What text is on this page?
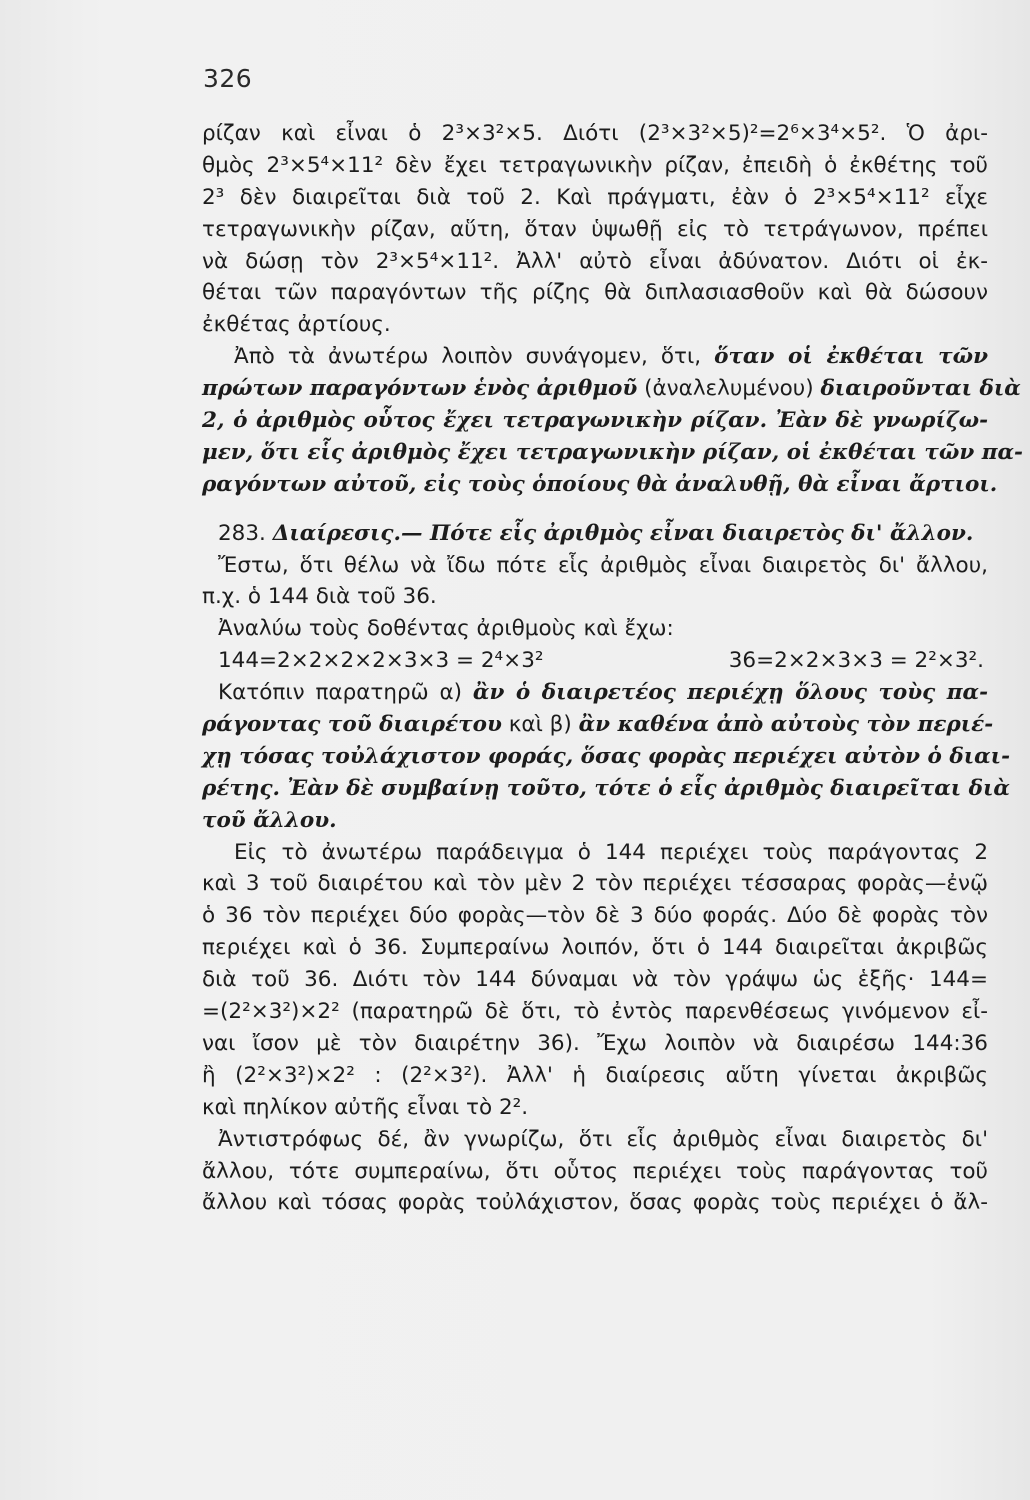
326
ρίζαν καὶ εἶναι ὁ 2³×3²×5. Διότι (2³×3²×5)²=2⁶×3⁴×5². Ὁ ἀρι-
θμὸς 2³×5⁴×11² δὲν ἔχει τετραγωνικὴν ρίζαν, ἐπειδὴ ὁ ἐκθέτης τοῦ
2³ δὲν διαιρεῖται διὰ τοῦ 2. Καὶ πράγματι, ἐὰν ὁ 2³×5⁴×11² εἶχε
τετραγωνικὴν ρίζαν, αὕτη, ὅταν ὑψωθῇ εἰς τὸ τετράγωνον, πρέπει
νὰ δώσῃ τὸν 2³×5⁴×11². Ἀλλ' αὐτὸ εἶναι ἀδύνατον. Διότι οἱ ἐκ-
θέται τῶν παραγόντων τῆς ρίζης θὰ διπλασιασθοῦν καὶ θὰ δώσουν
ἐκθέτας ἀρτίους.
Ἀπὸ τὰ ἀνωτέρω λοιπὸν συνάγομεν, ὅτι, ὅταν οἱ ἐκθέται τῶν
πρώτων παραγόντων ἑνὸς ἀριθμοῦ (ἀναλελυμένου) διαιροῦνται διὰ
2, ὁ ἀριθμὸς οὗτος ἔχει τετραγωνικὴν ρίζαν. Ἐὰν δὲ γνωρίζω-
μεν, ὅτι εἷς ἀριθμὸς ἔχει τετραγωνικὴν ρίζαν, οἱ ἐκθέται τῶν πα-
ραγόντων αὐτοῦ, εἰς τοὺς ὁποίους θὰ ἀναλυθῇ, θὰ εἶναι ἄρτιοι.
283. Διαίρεσις.— Πότε εἷς ἀριθμὸς εἶναι διαιρετὸς δι' ἄλλον.
Ἔστω, ὅτι θέλω νὰ ἴδω πότε εἷς ἀριθμὸς εἶναι διαιρετὸς δι' ἄλλου,
π.χ. ὁ 144 διὰ τοῦ 36.
Ἀναλύω τοὺς δοθέντας ἀριθμοὺς καὶ ἔχω:
144=2×2×2×2×3×3 = 2⁴×3²	36=2×2×3×3 = 2²×3².
Κατόπιν παρατηρῶ α) ἂν ὁ διαιρετέος περιέχῃ ὅλους τοὺς πα-
ράγοντας τοῦ διαιρέτου καὶ β) ἂν καθένα ἀπὸ αὐτοὺς τὸν περιέ-
χῃ τόσας τοὐλάχιστον φοράς, ὅσας φορὰς περιέχει αὐτὸν ὁ διαι-
ρέτης. Ἐὰν δὲ συμβαίνῃ τοῦτο, τότε ὁ εἷς ἀριθμὸς διαιρεῖται διὰ
τοῦ ἄλλου.
Εἰς τὸ ἀνωτέρω παράδειγμα ὁ 144 περιέχει τοὺς παράγοντας 2
καὶ 3 τοῦ διαιρέτου καὶ τὸν μὲν 2 τὸν περιέχει τέσσαρας φορὰς—ἐνῷ
ὁ 36 τὸν περιέχει δύο φορὰς—τὸν δὲ 3 δύο φοράς. Δύο δὲ φορὰς τὸν
περιέχει καὶ ὁ 36. Συμπεραίνω λοιπόν, ὅτι ὁ 144 διαιρεῖται ἀκριβῶς
διὰ τοῦ 36. Διότι τὸν 144 δύναμαι νὰ τὸν γράψω ὡς ἑξῆς· 144=
=(2²×3²)×2² (παρατηρῶ δὲ ὅτι, τὸ ἐντὸς παρενθέσεως γινόμενον εἶ-
ναι ἴσον μὲ τὸν διαιρέτην 36). Ἔχω λοιπὸν νὰ διαιρέσω 144:36
ἢ (2²×3²)×2² : (2²×3²). Ἀλλ' ἡ διαίρεσις αὕτη γίνεται ἀκριβῶς
καὶ πηλίκον αὐτῆς εἶναι τὸ 2².
Ἀντιστρόφως δέ, ἂν γνωρίζω, ὅτι εἷς ἀριθμὸς εἶναι διαιρετὸς δι'
ἄλλου, τότε συμπεραίνω, ὅτι οὗτος περιέχει τοὺς παράγοντας τοῦ
ἄλλου καὶ τόσας φορὰς τοὐλάχιστον, ὅσας φορὰς τοὺς περιέχει ὁ ἄλ-
